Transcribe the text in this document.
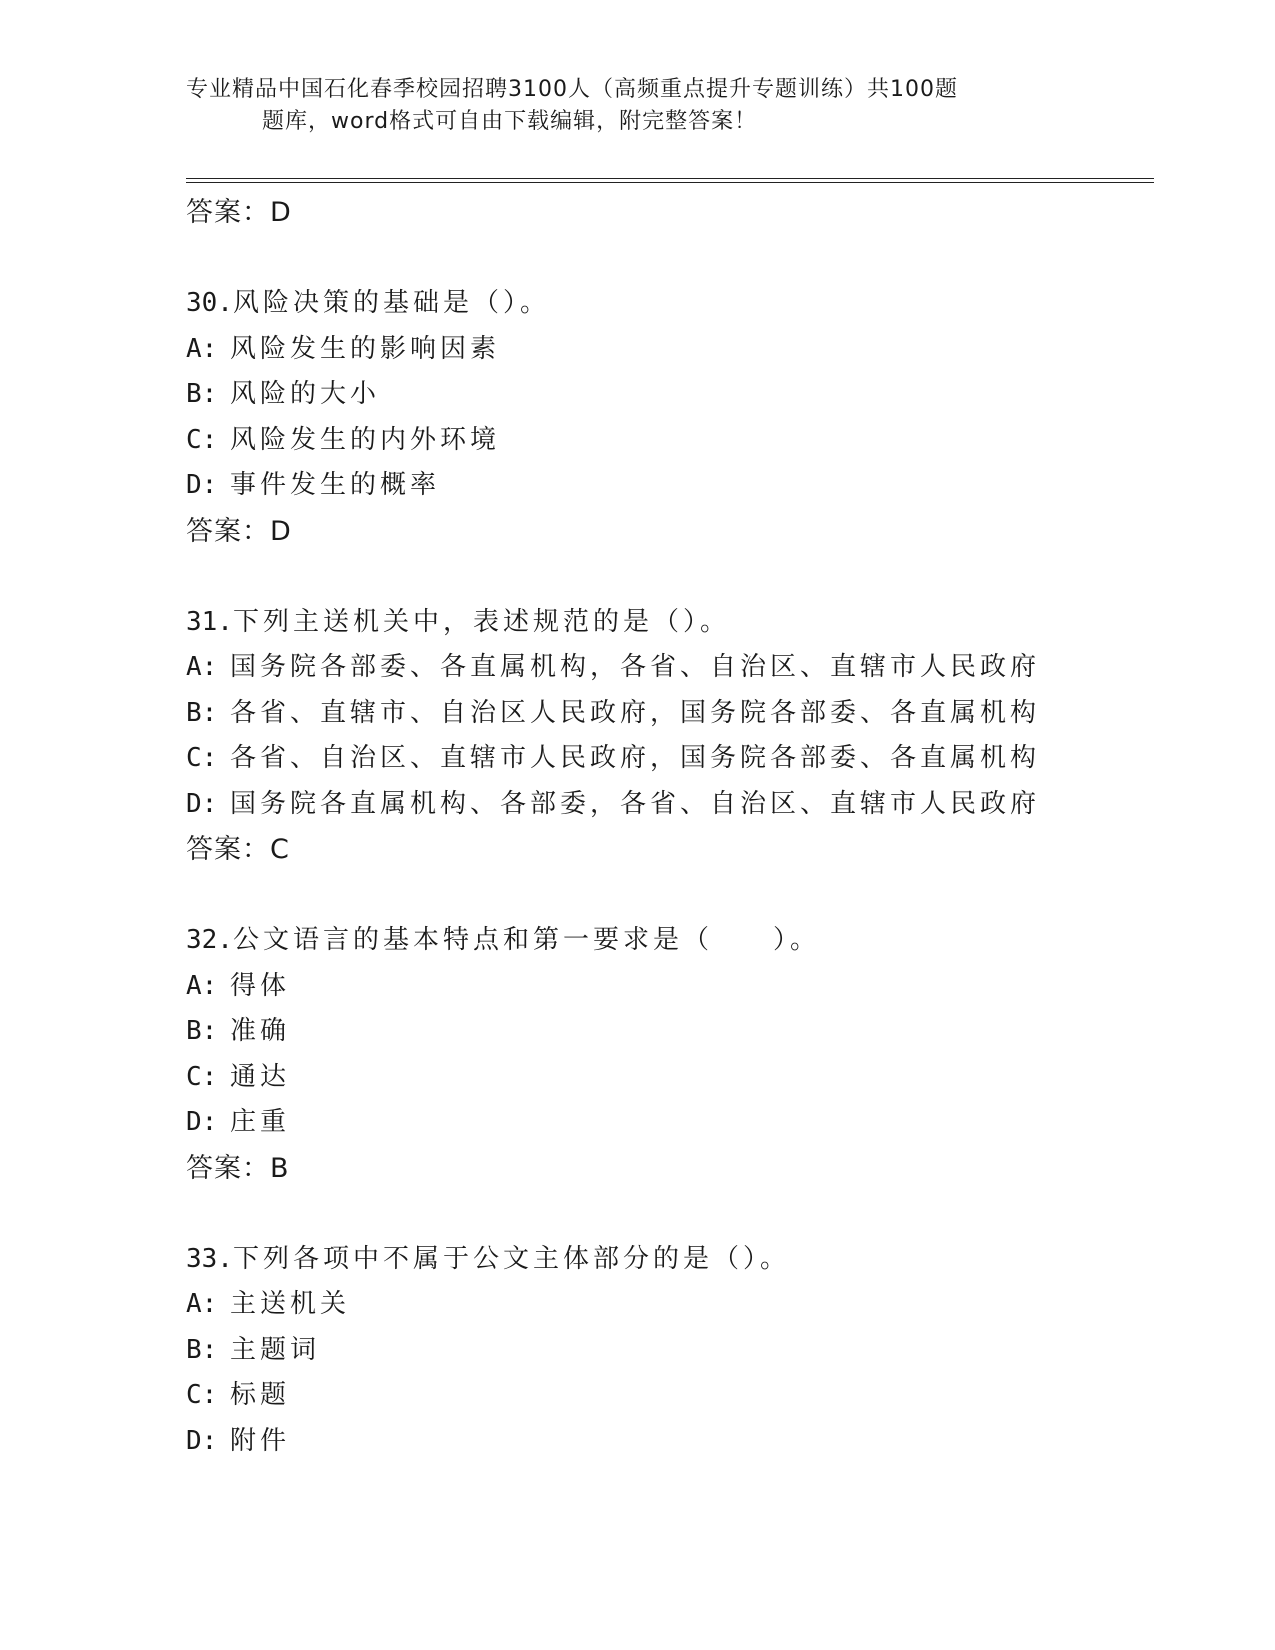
专业精品中国石化春季校园招聘3100人（高频重点提升专题训练）共100题
题库，word格式可自由下载编辑，附完整答案！

答案：D

30.风险决策的基础是（）。

A: 风险发生的影响因素

B: 风险的大小

C: 风险发生的内外环境

D: 事件发生的概率

答案：D

31.下列主送机关中，表述规范的是（）。

A: 国务院各部委、各直属机构，各省、自治区、直辖市人民政府

B: 各省、直辖市、自治区人民政府，国务院各部委、各直属机构

C: 各省、自治区、直辖市人民政府，国务院各部委、各直属机构

D: 国务院各直属机构、各部委，各省、自治区、直辖市人民政府

答案：C

32.公文语言的基本特点和第一要求是（　　）。

A: 得体

B: 准确

C: 通达

D: 庄重

答案：B

33.下列各项中不属于公文主体部分的是（）。

A: 主送机关

B: 主题词

C: 标题

D: 附件
